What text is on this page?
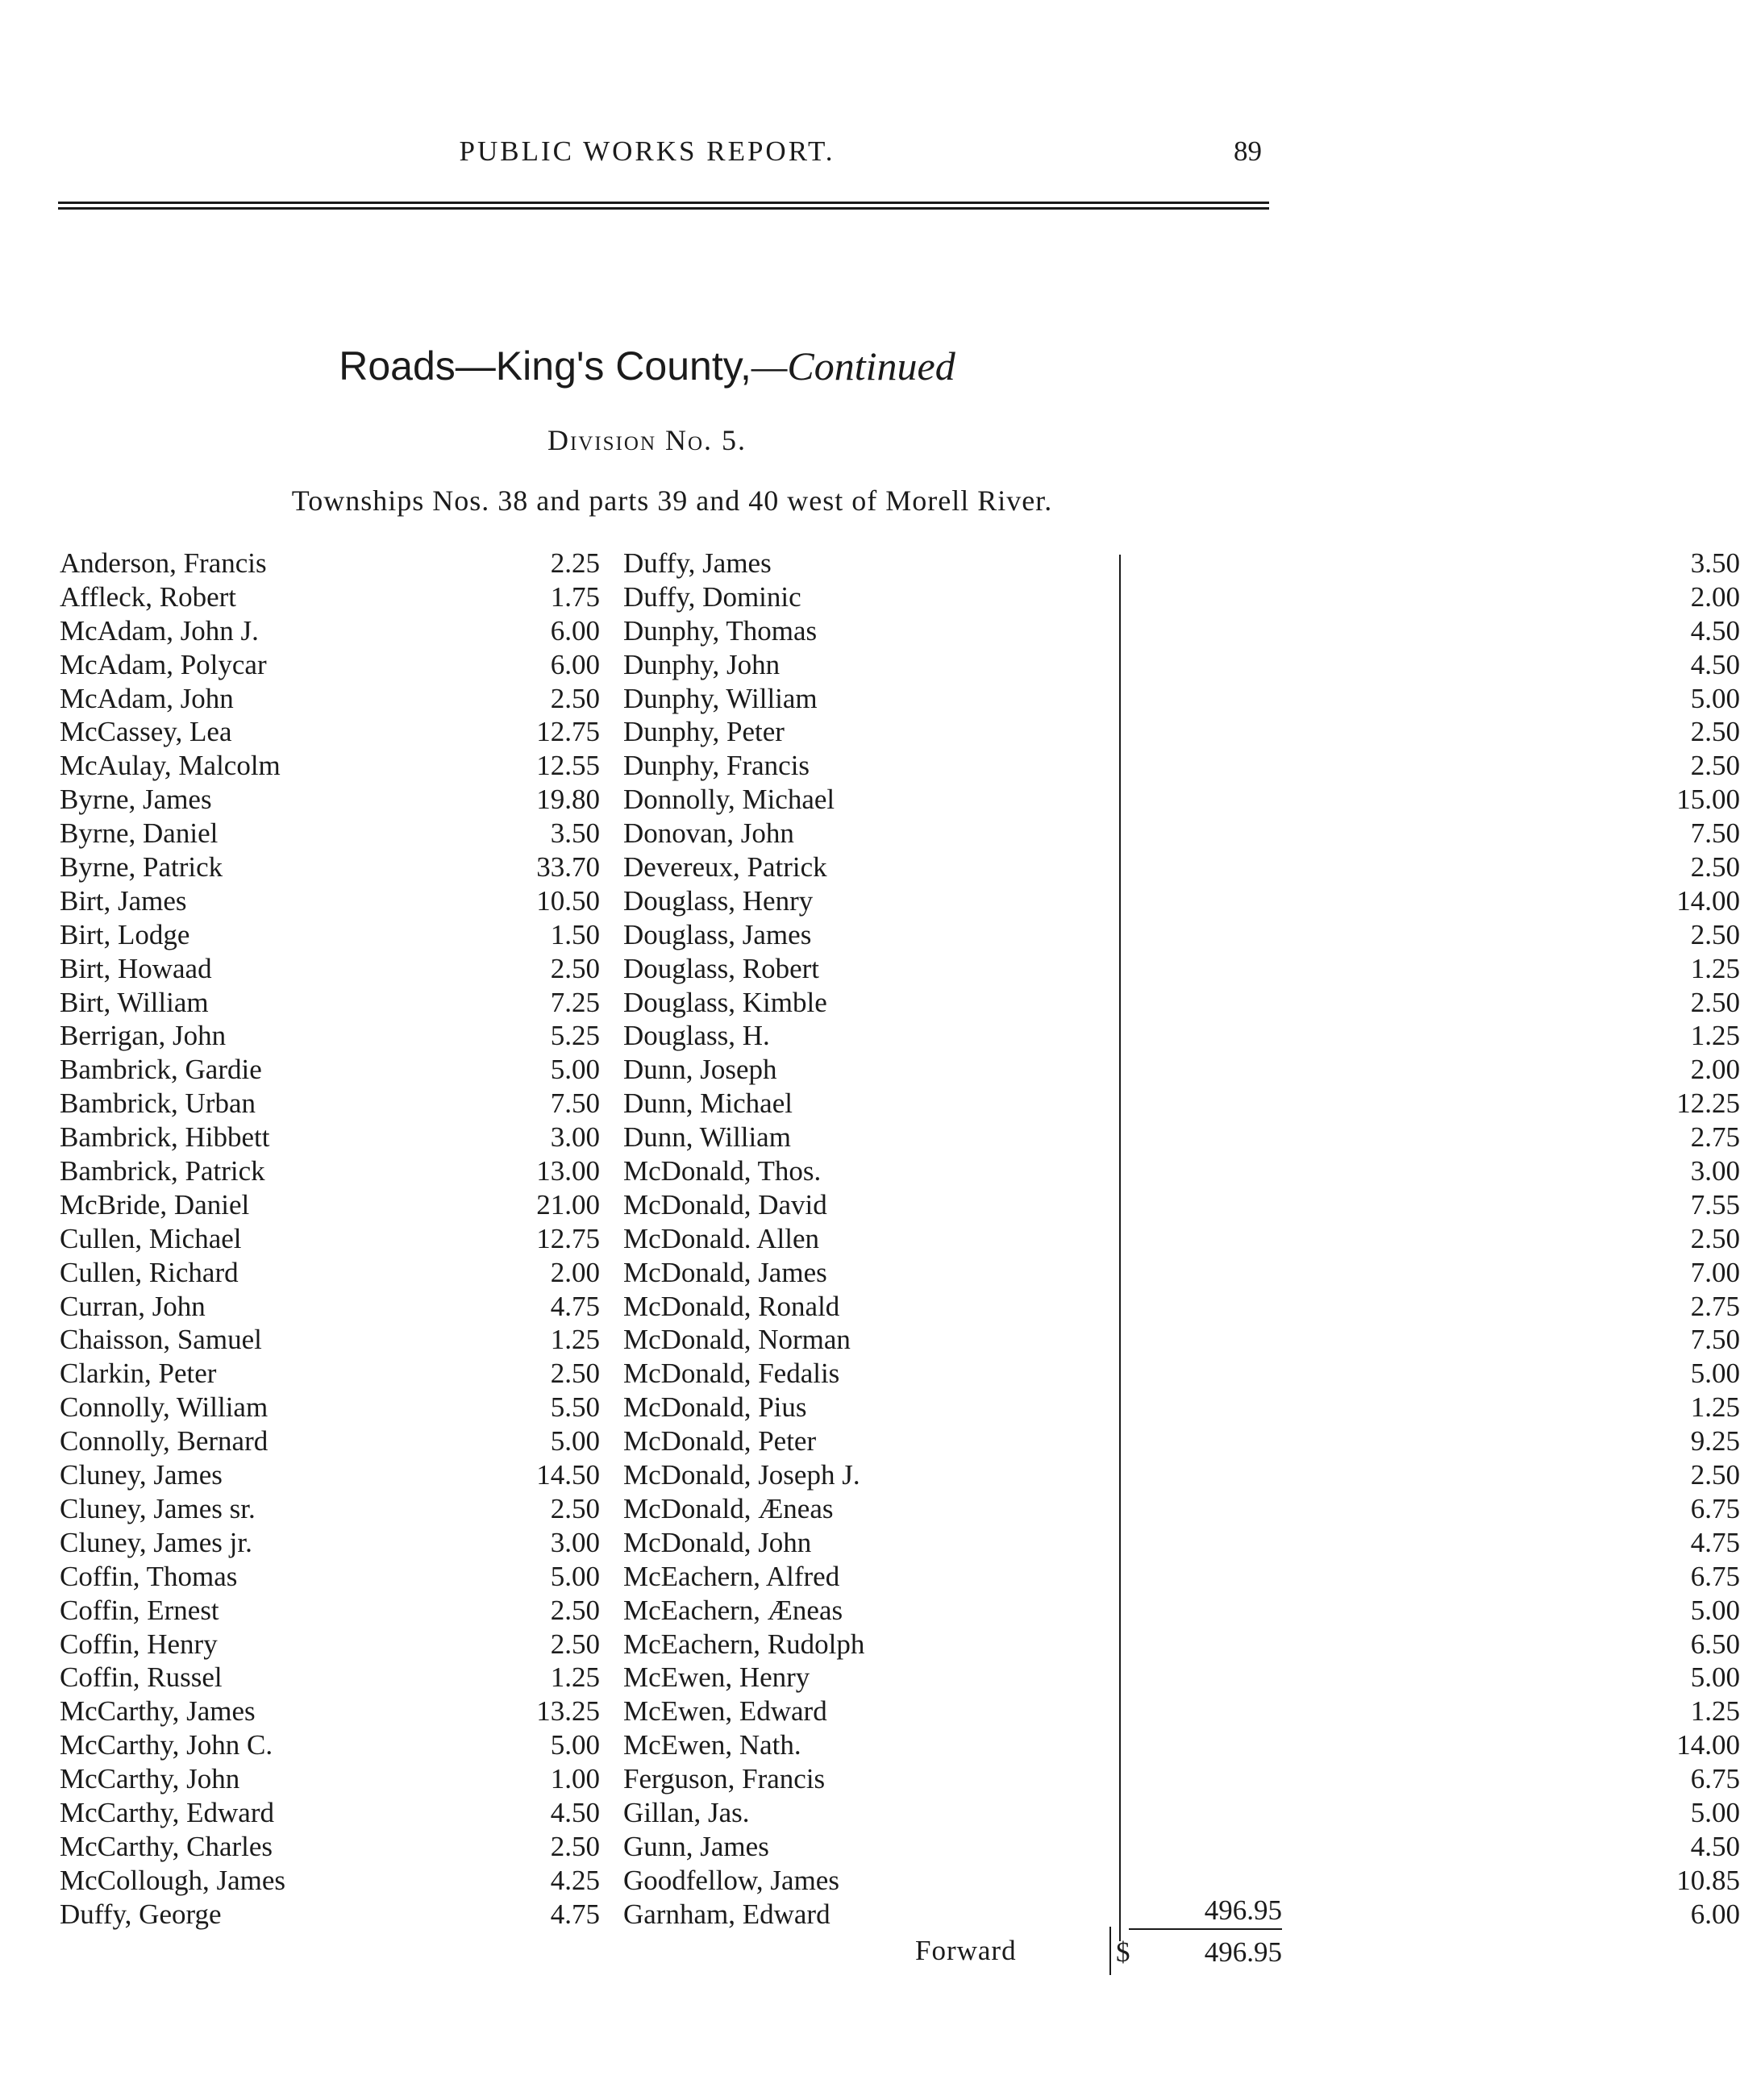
PUBLIC WORKS REPORT.	89
Roads—King's County,—Continued
Division No. 5.
Townships Nos. 38 and parts 39 and 40 west of Morell River.
Anderson, Francis	2.25
Affleck, Robert	1.75
McAdam, John J.	6.00
McAdam, Polycar	6.00
McAdam, John	2.50
McCassey, Lea	12.75
McAulay, Malcolm	12.55
Byrne, James	19.80
Byrne, Daniel	3.50
Byrne, Patrick	33.70
Birt, James	10.50
Birt, Lodge	1.50
Birt, Howaad	2.50
Birt, William	7.25
Berrigan, John	5.25
Bambrick, Gardie	5.00
Bambrick, Urban	7.50
Bambrick, Hibbett	3.00
Bambrick, Patrick	13.00
McBride, Daniel	21.00
Cullen, Michael	12.75
Cullen, Richard	2.00
Curran, John	4.75
Chaisson, Samuel	1.25
Clarkin, Peter	2.50
Connolly, William	5.50
Connolly, Bernard	5.00
Cluney, James	14.50
Cluney, James sr.	2.50
Cluney, James jr.	3.00
Coffin, Thomas	5.00
Coffin, Ernest	2.50
Coffin, Henry	2.50
Coffin, Russel	1.25
McCarthy, James	13.25
McCarthy, John C.	5.00
McCarthy, John	1.00
McCarthy, Edward	4.50
McCarthy, Charles	2.50
McCollough, James	4.25
Duffy, George	4.75
Duffy, James	3.50
Duffy, Dominic	2.00
Dunphy, Thomas	4.50
Dunphy, John	4.50
Dunphy, William	5.00
Dunphy, Peter	2.50
Dunphy, Francis	2.50
Donnolly, Michael	15.00
Donovan, John	7.50
Devereux, Patrick	2.50
Douglass, Henry	14.00
Douglass, James	2.50
Douglass, Robert	1.25
Douglass, Kimble	2.50
Douglass, H.	1.25
Dunn, Joseph	2.00
Dunn, Michael	12.25
Dunn, William	2.75
McDonald, Thos.	3.00
McDonald, David	7.55
McDonald. Allen	2.50
McDonald, James	7.00
McDonald, Ronald	2.75
McDonald, Norman	7.50
McDonald, Fedalis	5.00
McDonald, Pius	1.25
McDonald, Peter	9.25
McDonald, Joseph J.	2.50
McDonald, Æneas	6.75
McDonald, John	4.75
McEachern, Alfred	6.75
McEachern, Æneas	5.00
McEachern, Rudolph	6.50
McEwen, Henry	5.00
McEwen, Edward	1.25
McEwen, Nath.	14.00
Ferguson, Francis	6.75
Gillan, Jas.	5.00
Gunn, James	4.50
Goodfellow, James	10.85
Garnham, Edward	6.00
496.95
Forward	$	496.95
